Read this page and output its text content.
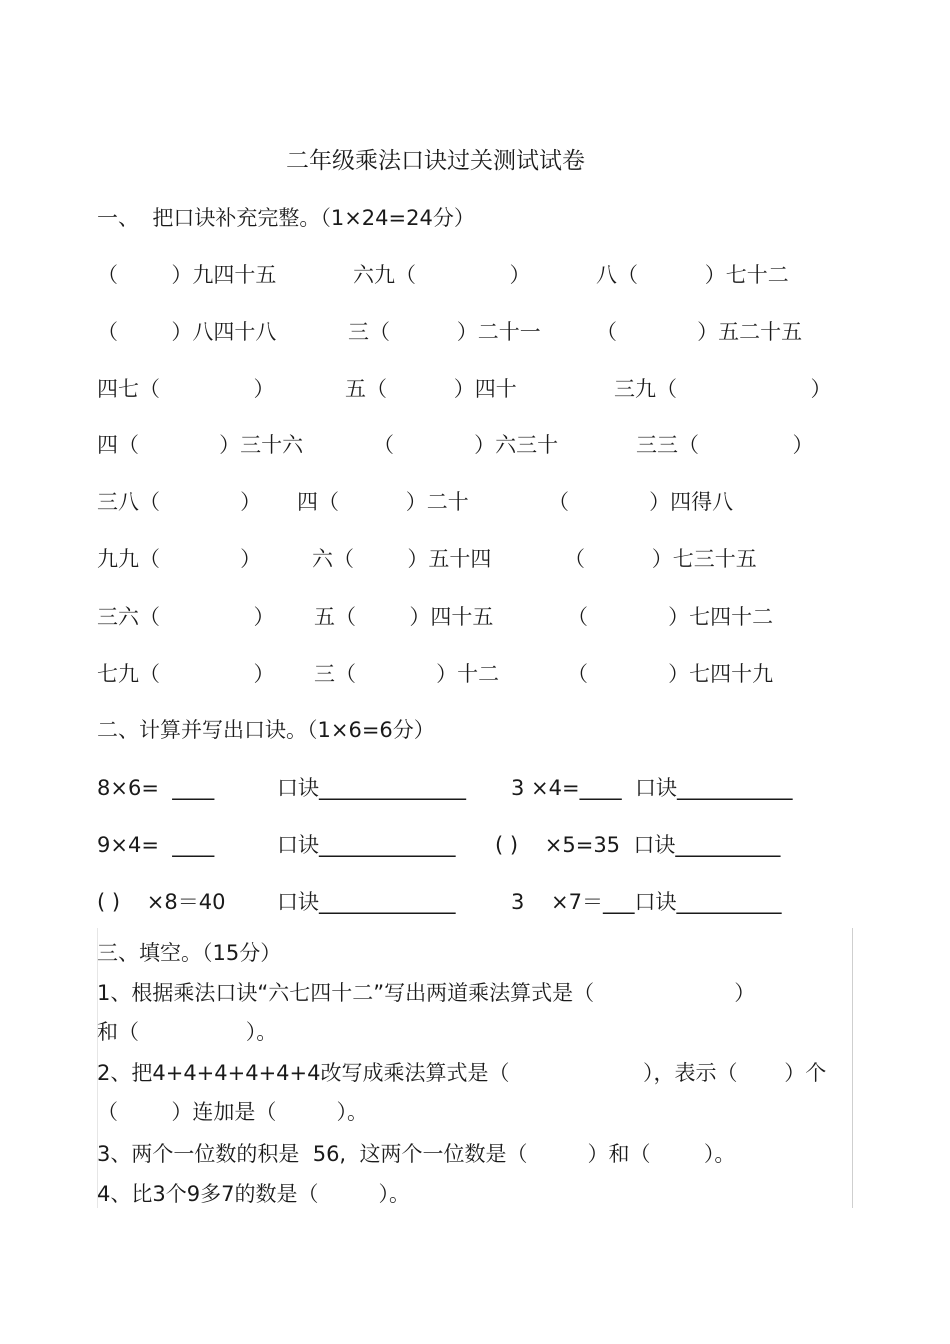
二年级乘法口诀过关测试试卷
一、  把口诀补充完整。（1×24=24分）
（        ）九四十五	六九（              ）	八（          ）七十二
（        ）八四十八	三（          ）二十一	（            ）五二十五
四七（              ）	五（          ）四十	三九（                    ）
四（            ）三十六	（            ）六三十	三三（              ）
三八（            ） 四（          ）二十	（            ）四得八
九九（            ） 六（        ）五十四	（          ）七三十五
三六（              ） 五（        ）四十五	（            ）七四十二
七九（              ） 三（            ）十二	（            ）七四十九
二、计算并写出口诀。（1×6=6分）
8×6=  ____	口诀______________ 3 ×4=____  口诀___________
9×4=  ____	口诀_____________ ( )    ×5=35  口诀__________
( )    ×8＝40 口诀_____________	3    ×7＝___口诀__________
三、填空。（15分）
1、根据乘法口诀“六七四十二”写出两道乘法算式是（                     ）
和（                ）。
2、把4+4+4+4+4+4改写成乘法算式是（                    ），表示（       ）个
（        ）连加是（         ）。
3、两个一位数的积是  56,  这两个一位数是（         ）和（        ）。
4、比3个9多7的数是（         ）。
